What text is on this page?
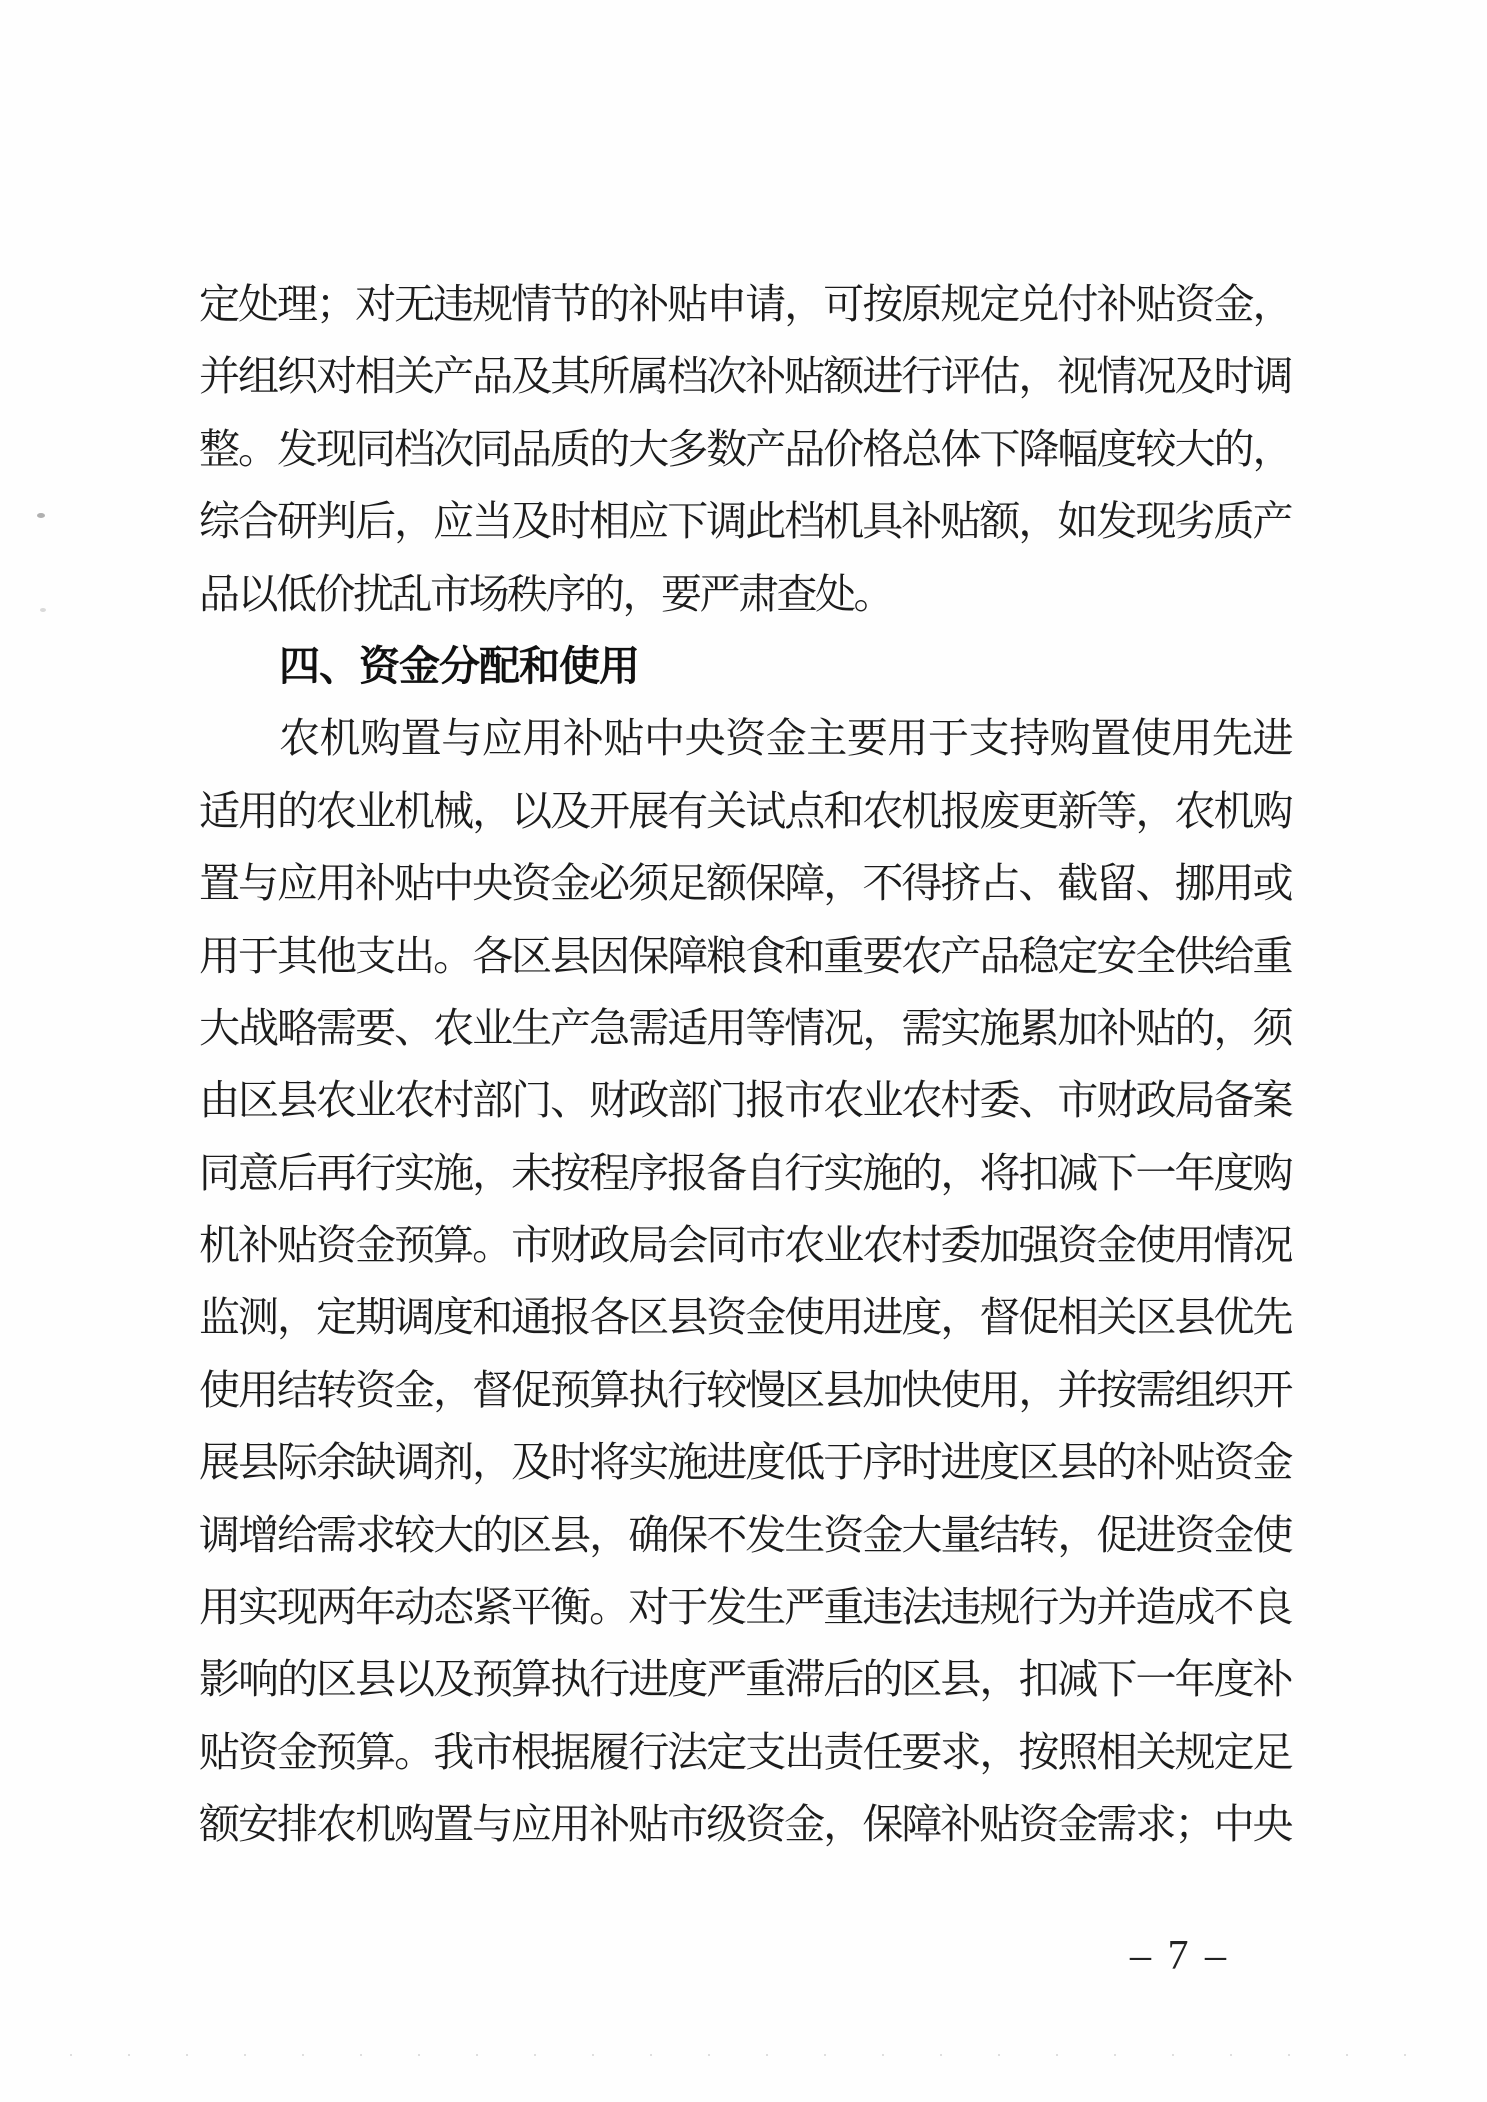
定处理；对无违规情节的补贴申请，可按原规定兑付补贴资金，
并组织对相关产品及其所属档次补贴额进行评估，视情况及时调
整。发现同档次同品质的大多数产品价格总体下降幅度较大的，
综合研判后，应当及时相应下调此档机具补贴额，如发现劣质产
品以低价扰乱市场秩序的，要严肃查处。
四、资金分配和使用
农机购置与应用补贴中央资金主要用于支持购置使用先进
适用的农业机械，以及开展有关试点和农机报废更新等，农机购
置与应用补贴中央资金必须足额保障，不得挤占、截留、挪用或
用于其他支出。各区县因保障粮食和重要农产品稳定安全供给重
大战略需要、农业生产急需适用等情况，需实施累加补贴的，须
由区县农业农村部门、财政部门报市农业农村委、市财政局备案
同意后再行实施，未按程序报备自行实施的，将扣减下一年度购
机补贴资金预算。市财政局会同市农业农村委加强资金使用情况
监测，定期调度和通报各区县资金使用进度，督促相关区县优先
使用结转资金，督促预算执行较慢区县加快使用，并按需组织开
展县际余缺调剂，及时将实施进度低于序时进度区县的补贴资金
调增给需求较大的区县，确保不发生资金大量结转，促进资金使
用实现两年动态紧平衡。对于发生严重违法违规行为并造成不良
影响的区县以及预算执行进度严重滞后的区县，扣减下一年度补
贴资金预算。我市根据履行法定支出责任要求，按照相关规定足
额安排农机购置与应用补贴市级资金，保障补贴资金需求；中央
– 7 –
